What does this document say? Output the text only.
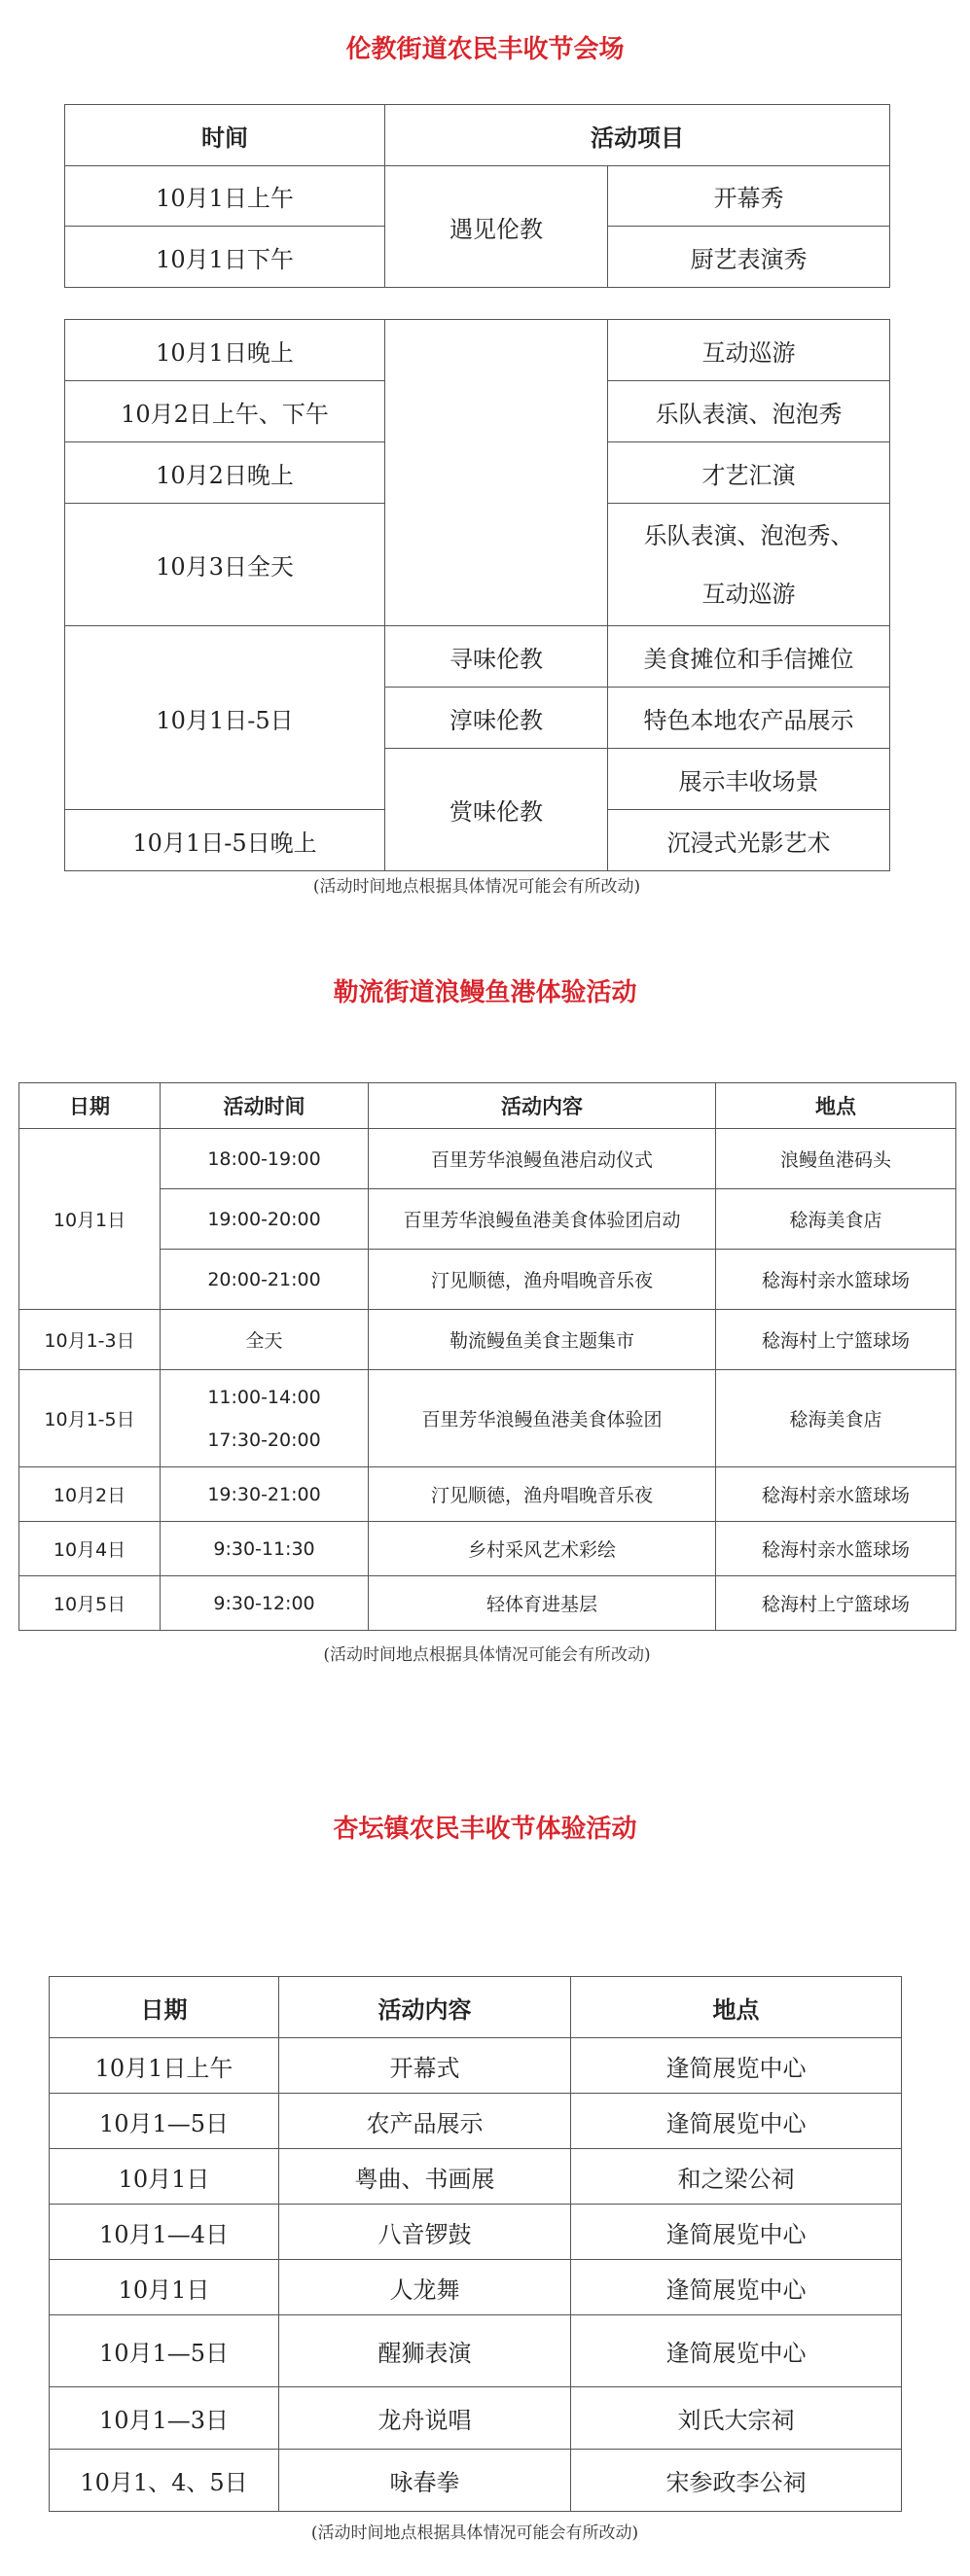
伦教街道农民丰收节会场
时间	活动项目	
10月1日上午	遇见伦教	开幕秀
10月1日下午		厨艺表演秀
10月1日晚上		互动巡游
10月2日上午、下午		乐队表演、泡泡秀
10月2日晚上		才艺汇演
10月3日全天		乐队表演、泡泡秀、
互动巡游

10月1日-5日	寻味伦教	美食摊位和手信摊位
	淳味伦教	特色本地农产品展示
	赏味伦教	展示丰收场景
10月1日-5日晚上		沉浸式光影艺术
(活动时间地点根据具体情况可能会有所改动)
勒流街道浪鳗鱼港体验活动
日期	活动时间	活动内容	地点
10月1日	18:00-19:00	百里芳华浪鳗鱼港启动仪式	浪鳗鱼港码头
	19:00-20:00	百里芳华浪鳗鱼港美食体验团启动	稔海美食店
	20:00-21:00	汀见顺德，渔舟唱晚音乐夜	稔海村亲水篮球场
10月1-3日	全天	勒流鳗鱼美食主题集市	稔海村上宁篮球场
10月1-5日	11:00-14:00
17:30-20:00	百里芳华浪鳗鱼港美食体验团	稔海美食店
10月2日	19:30-21:00	汀见顺德，渔舟唱晚音乐夜	稔海村亲水篮球场
10月4日	9:30-11:30	乡村采风艺术彩绘	稔海村亲水篮球场
10月5日	9:30-12:00	轻体育进基层	稔海村上宁篮球场
(活动时间地点根据具体情况可能会有所改动)
杏坛镇农民丰收节体验活动
日期	活动内容	地点
10月1日上午	开幕式	逢简展览中心
10月1—5日	农产品展示	逢简展览中心
10月1日	粤曲、书画展	和之梁公祠
10月1—4日	八音锣鼓	逢简展览中心
10月1日	人龙舞	逢简展览中心
10月1—5日	醒狮表演	逢简展览中心
10月1—3日	龙舟说唱	刘氏大宗祠
10月1、4、5日	咏春拳	宋参政李公祠
(活动时间地点根据具体情况可能会有所改动)
